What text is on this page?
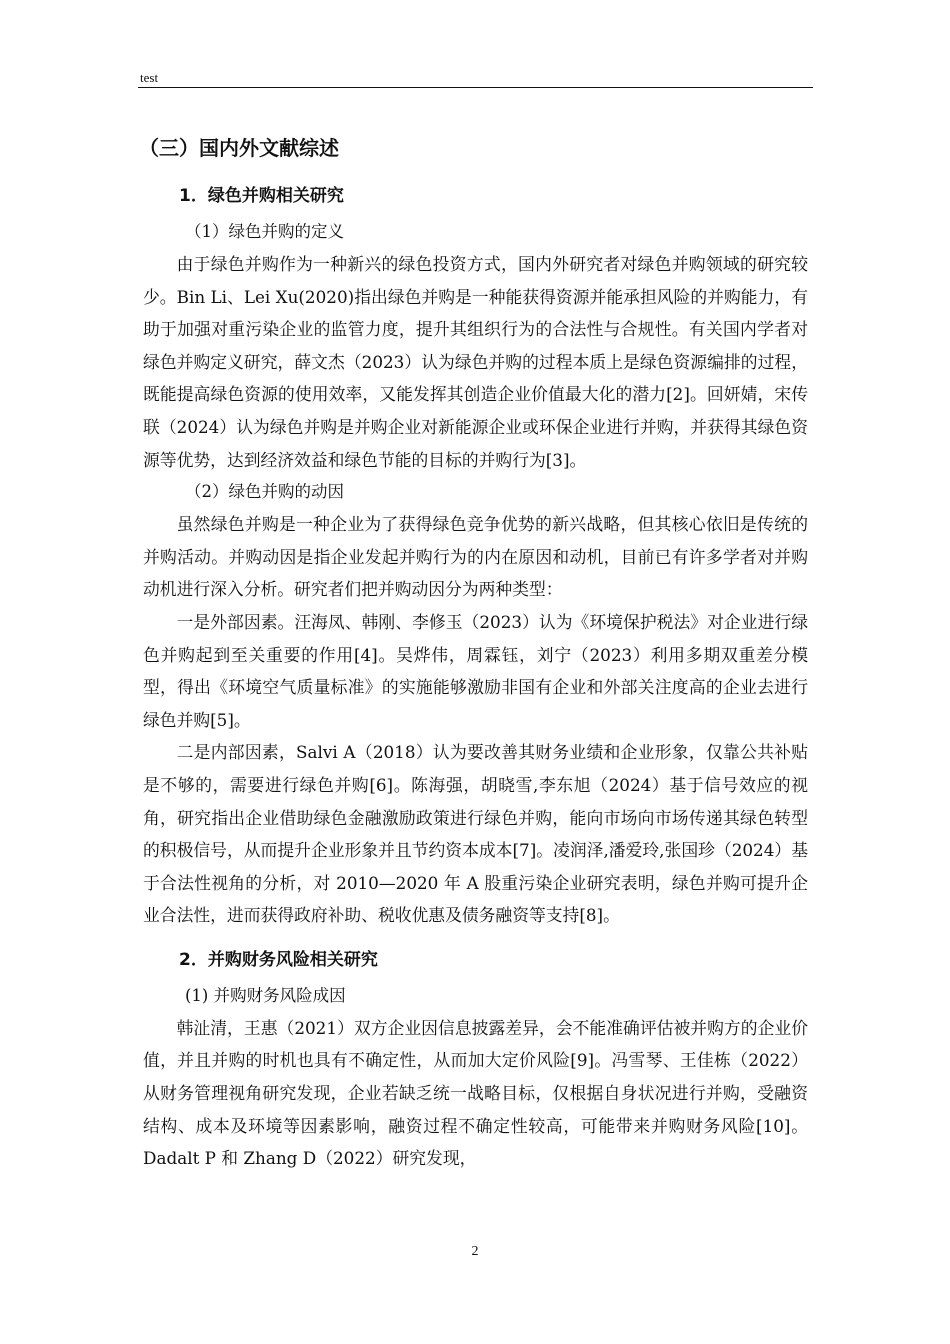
test
（三）国内外文献综述
1．绿色并购相关研究
（1）绿色并购的定义

由于绿色并购作为一种新兴的绿色投资方式，国内外研究者对绿色并购领域的研究较少。Bin Li、Lei Xu(2020)指出绿色并购是一种能获得资源并能承担风险的并购能力，有助于加强对重污染企业的监管力度，提升其组织行为的合法性与合规性。有关国内学者对绿色并购定义研究，薛文杰（2023）认为绿色并购的过程本质上是绿色资源编排的过程，既能提高绿色资源的使用效率，又能发挥其创造企业价值最大化的潜力[2]。回妍婧，宋传联（2024）认为绿色并购是并购企业对新能源企业或环保企业进行并购，并获得其绿色资源等优势，达到经济效益和绿色节能的目标的并购行为[3]。

（2）绿色并购的动因

虽然绿色并购是一种企业为了获得绿色竞争优势的新兴战略，但其核心依旧是传统的并购活动。并购动因是指企业发起并购行为的内在原因和动机，目前已有许多学者对并购动机进行深入分析。研究者们把并购动因分为两种类型：

一是外部因素。汪海凤、韩刚、李修玉（2023）认为《环境保护税法》对企业进行绿色并购起到至关重要的作用[4]。吴烨伟，周霖钰，刘宁（2023）利用多期双重差分模型，得出《环境空气质量标准》的实施能够激励非国有企业和外部关注度高的企业去进行绿色并购[5]。

二是内部因素，Salvi A（2018）认为要改善其财务业绩和企业形象，仅靠公共补贴是不够的，需要进行绿色并购[6]。陈海强，胡晓雪,李东旭（2024）基于信号效应的视角，研究指出企业借助绿色金融激励政策进行绿色并购，能向市场向市场传递其绿色转型的积极信号，从而提升企业形象并且节约资本成本[7]。凌润泽,潘爱玲,张国珍（2024）基于合法性视角的分析，对 2010—2020 年 A 股重污染企业研究表明，绿色并购可提升企业合法性，进而获得政府补助、税收优惠及债务融资等支持[8]。

2．并购财务风险相关研究
(1) 并购财务风险成因

韩沚清，王惠（2021）双方企业因信息披露差异，会不能准确评估被并购方的企业价值，并且并购的时机也具有不确定性，从而加大定价风险[9]。冯雪琴、王佳栋（2022）从财务管理视角研究发现，企业若缺乏统一战略目标，仅根据自身状况进行并购，受融资结构、成本及环境等因素影响，融资过程不确定性较高，可能带来并购财务风险[10]。Dadalt P 和 Zhang D（2022）研究发现，

2
